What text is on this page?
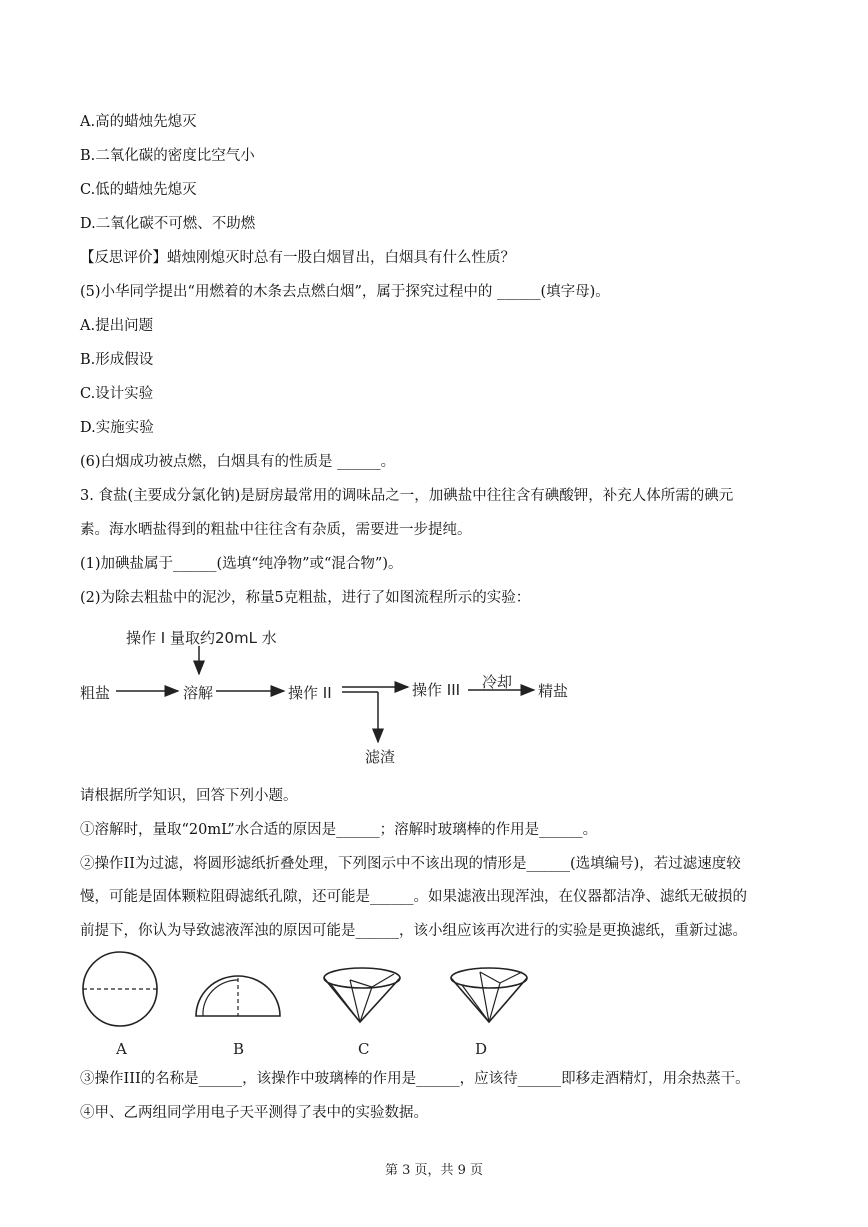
A.高的蜡烛先熄灭
B.二氧化碳的密度比空气小
C.低的蜡烛先熄灭
D.二氧化碳不可燃、不助燃
【反思评价】蜡烛刚熄灭时总有一股白烟冒出，白烟具有什么性质？
(5)小华同学提出“用燃着的木条去点燃白烟”，属于探究过程中的 ______(填字母)。
A.提出问题
B.形成假设
C.设计实验
D.实施实验
(6)白烟成功被点燃，白烟具有的性质是 ______。
3. 食盐(主要成分氯化钠)是厨房最常用的调味品之一，加碘盐中往往含有碘酸钾，补充人体所需的碘元
素。海水晒盐得到的粗盐中往往含有杂质，需要进一步提纯。
(1)加碘盐属于______(选填“纯净物”或“混合物”)。
(2)为除去粗盐中的泥沙，称量5克粗盐，进行了如图流程所示的实验：
操作 I 量取约20mL 水
粗盐	溶解	操作 II	操作 III 冷却 精盐
滤渣
请根据所学知识，回答下列小题。
①溶解时，量取“20mL”水合适的原因是______；溶解时玻璃棒的作用是______。
②操作II为过滤，将圆形滤纸折叠处理，下列图示中不该出现的情形是______(选填编号)，若过滤速度较
慢，可能是固体颗粒阻碍滤纸孔隙，还可能是______。如果滤液出现浑浊，在仪器都洁净、滤纸无破损的
前提下，你认为导致滤液浑浊的原因可能是______，该小组应该再次进行的实验是更换滤纸，重新过滤。
A	B	C	D
③操作III的名称是______，该操作中玻璃棒的作用是______，应该待______即移走酒精灯，用余热蒸干。
④甲、乙两组同学用电子天平测得了表中的实验数据。
第 3 页，共 9 页
